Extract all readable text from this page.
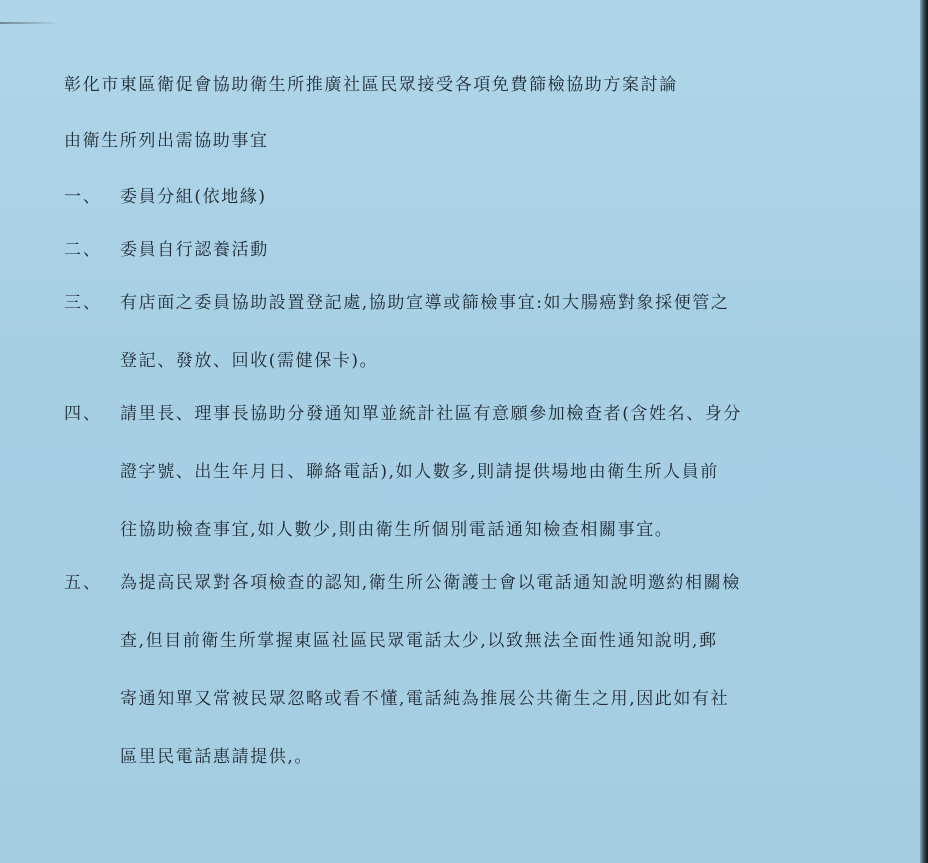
彰化市東區衛促會協助衛生所推廣社區民眾接受各項免費篩檢協助方案討論

由衛生所列出需協助事宜

一、	委員分組(依地緣)
二、	委員自行認養活動
三、	有店面之委員協助設置登記處,協助宣導或篩檢事宜:如大腸癌對象採便管之
登記、發放、回收(需健保卡)。
四、	請里長、理事長協助分發通知單並統計社區有意願參加檢查者(含姓名、身分
證字號、出生年月日、聯絡電話),如人數多,則請提供場地由衛生所人員前
往協助檢查事宜,如人數少,則由衛生所個別電話通知檢查相關事宜。
五、	為提高民眾對各項檢查的認知,衛生所公衛護士會以電話通知說明邀約相關檢
查,但目前衛生所掌握東區社區民眾電話太少,以致無法全面性通知說明,郵
寄通知單又常被民眾忽略或看不懂,電話純為推展公共衛生之用,因此如有社
區里民電話惠請提供,。
